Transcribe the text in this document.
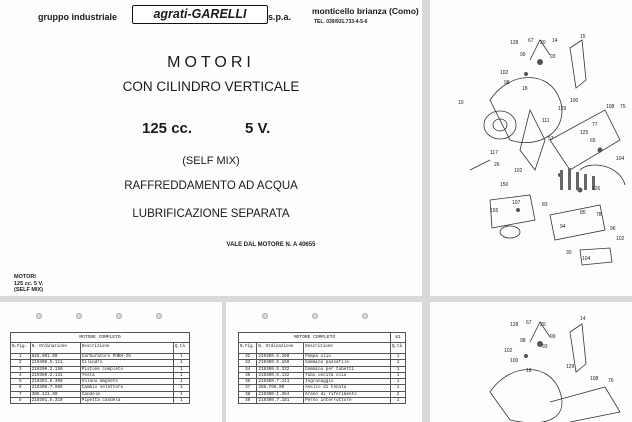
gruppo industriale	agrati-GARELLI	s.p.a.
monticello brianza (Como)
TEL. 039/931.733-4-5-6
MOTORI
CON CILINDRO VERTICALE
125 cc.	5 V.
(SELF MIX)
RAFFREDDAMENTO AD ACQUA
LUBRIFICAZIONE SEPARATA
VALE DAL MOTORE N. A 40655
MOTORI
125 cc. 5 V.
(SELF MIX)
15
128 67 20 14
99	93
102
98
18
10
129
100
108 75
111
77
125
57	65
117
104
26
102
150
126
107	83
155	85 78
94	96
102
30
104
MOTORE COMPLETO			
N.Fig.	N. Ordinazione	Descrizione	Q.tà
1	828.001.00	Carburatore PHBH-26	1
2	219300.5.111	Cilindro	1
3	219300.2.150	Pistone completo	1
4	219300.2.131	Testa	1
5	219301.8.300	Volano magnete	1
6	219300.7.989	Cambio selettore	1
7	306.111.00	Candela	1
8	219301.5.310	Pipetta candela	1
MOTORE COMPLETO			81
N.Fig.	N. Ordinazione	Descrizione	Q.tà
32	219300.5.260	Pompa olio	1
33	219300.5.159	Gommino passafile	1
34	219300.5.332	Gommino per tubetti	1
35	219300.5.132	Tubo uscita olio	1
36	219300.7.111	Ingranaggio	1
37	288.766.00	Anello di tenuta	1
38	219300.1.364	Grano di riferimento	2
39	219300.7.181	Perno interruttore	1
128 67 20
14
99
93
98
102
100
18
129
108 76
